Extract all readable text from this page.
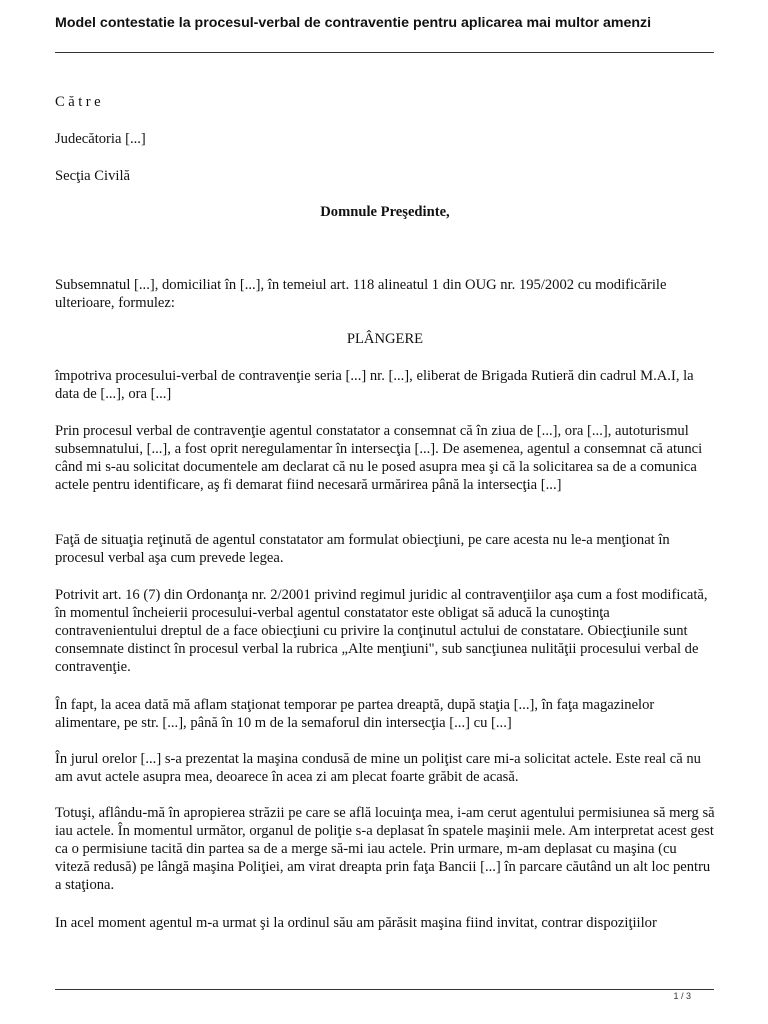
Model contestatie la procesul-verbal de contraventie pentru aplicarea mai multor amenzi

Către

Judecătoria [...]

Secţia Civilă

Domnule Preşedinte,

Subsemnatul [...], domiciliat în [...], în temeiul art. 118 alineatul 1 din OUG nr. 195/2002 cu modificările ulterioare, formulez:

PLÂNGERE

împotriva procesului-verbal de contravenţie seria [...] nr. [...], eliberat de Brigada Rutieră din cadrul M.A.I, la data de [...], ora [...]

Prin procesul verbal de contravenţie agentul constatator a consemnat că în ziua de [...], ora [...], autoturismul subsemnatului, [...], a fost oprit neregulamentar în intersecţia [...]. De asemenea, agentul a consemnat că atunci când mi s-au solicitat documentele am declarat că nu le posed asupra mea şi că la solicitarea sa de a comunica actele pentru identificare, aş fi demarat fiind necesară urmărirea până la intersecţia [...]

Faţă de situaţia reţinută de agentul constatator am formulat obiecţiuni, pe care acesta nu le-a menţionat în procesul verbal aşa cum prevede legea.

Potrivit art. 16 (7) din Ordonanţa nr. 2/2001 privind regimul juridic al contravenţiilor aşa cum a fost modificată, în momentul încheierii procesului-verbal agentul constatator este obligat să aducă la cunoştinţa contravenientului dreptul de a face obiecţiuni cu privire la conţinutul actului de constatare. Obiecţiunile sunt consemnate distinct în procesul verbal la rubrica „Alte menţiuni", sub sancţiunea nulităţii procesului verbal de contravenţie.

În fapt, la acea dată mă aflam staţionat temporar pe partea dreaptă, după staţia [...], în faţa magazinelor alimentare, pe str. [...], până în 10 m de la semaforul din intersecţia [...] cu [...]

În jurul orelor [...] s-a prezentat la maşina condusă de mine un poliţist care mi-a solicitat actele. Este real că nu am avut actele asupra mea, deoarece în acea zi am plecat foarte grăbit de acasă.

Totuşi, aflându-mă în apropierea străzii pe care se află locuinţa mea, i-am cerut agentului permisiunea să merg să iau actele. În momentul următor, organul de poliţie s-a deplasat în spatele maşinii mele. Am interpretat acest gest ca o permisiune tacită din partea sa de a merge să-mi iau actele. Prin urmare, m-am deplasat cu maşina (cu viteză redusă) pe lângă maşina Poliţiei, am virat dreapta prin faţa Bancii [...] în parcare căutând un alt loc pentru a staţiona.

In acel moment agentul m-a urmat şi la ordinul său am părăsit maşina fiind invitat, contrar dispoziţiilor

1 / 3
